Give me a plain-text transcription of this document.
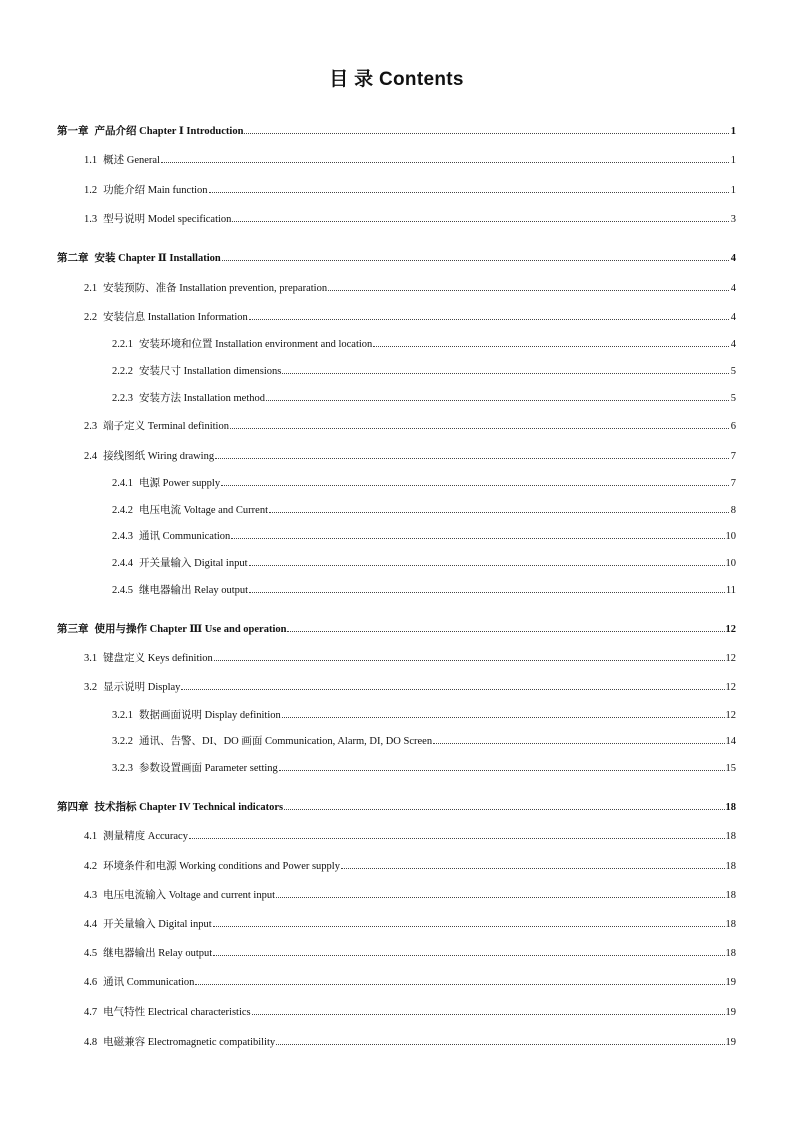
目 录 Contents
第一章 产品介绍 Chapter Ⅰ Introduction	1
1.1 概述 General	1
1.2 功能介绍 Main function	1
1.3 型号说明 Model specification	3
第二章 安装 Chapter Ⅱ Installation	4
2.1 安装预防、准备 Installation prevention, preparation	4
2.2 安装信息 Installation Information	4
2.2.1 安装环境和位置 Installation environment and location	4
2.2.2 安装尺寸 Installation dimensions	5
2.2.3 安装方法 Installation method	5
2.3 端子定义 Terminal definition	6
2.4 接线图纸 Wiring drawing	7
2.4.1 电源 Power supply	7
2.4.2 电压电流 Voltage and Current	8
2.4.3 通讯 Communication	10
2.4.4 开关量输入 Digital input	10
2.4.5 继电器输出 Relay output	11
第三章 使用与操作 Chapter Ⅲ Use and operation	12
3.1 键盘定义 Keys definition	12
3.2 显示说明 Display	12
3.2.1 数据画面说明 Display definition	12
3.2.2 通讯、告警、DI、DO 画面 Communication, Alarm, DI, DO Screen	14
3.2.3 参数设置画面 Parameter setting	15
第四章 技术指标 Chapter IV Technical indicators	18
4.1 测量精度 Accuracy	18
4.2 环境条件和电源 Working conditions and Power supply	18
4.3 电压电流输入 Voltage and current input	18
4.4 开关量输入 Digital input	18
4.5 继电器输出 Relay output	18
4.6 通讯 Communication	19
4.7 电气特性 Electrical characteristics	19
4.8 电磁兼容 Electromagnetic compatibility	19
